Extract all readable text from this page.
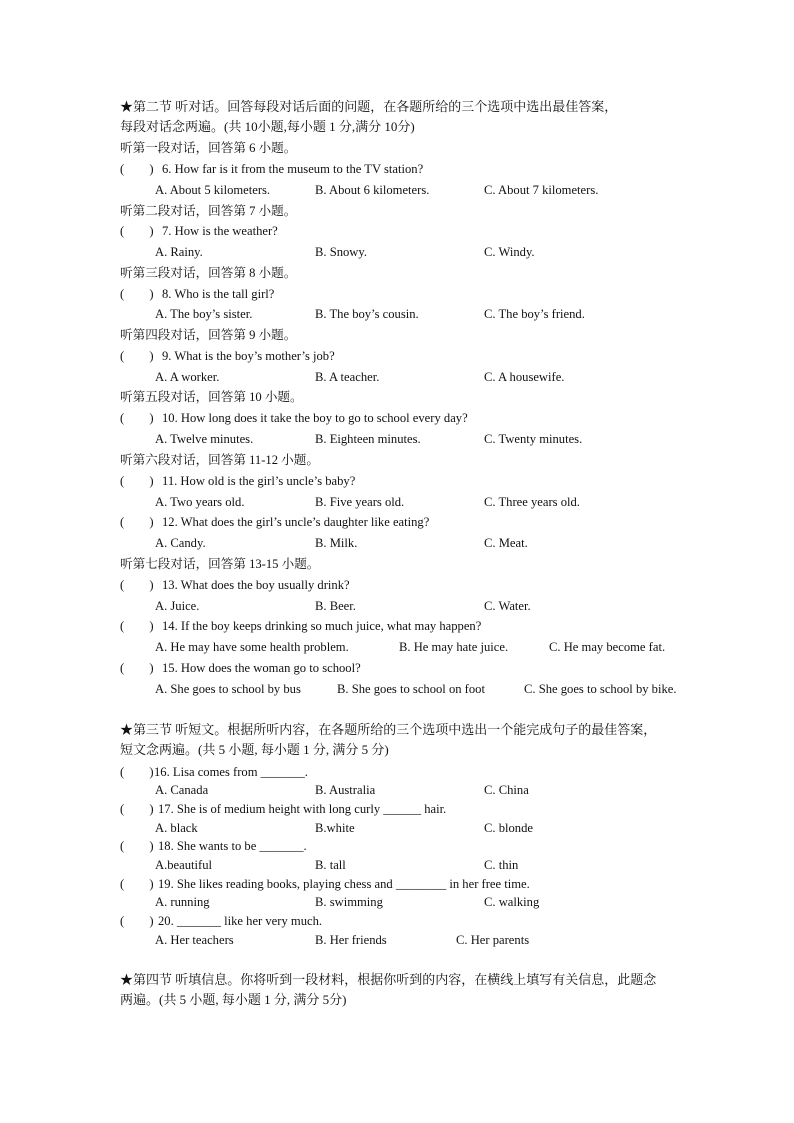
★第二节 听对话。回答每段对话后面的问题，在各题所给的三个选项中选出最佳答案，
每段对话念两遍。(共 10小题,每小题 1 分,满分 10分)
听第一段对话，回答第 6 小题。
(        ) 6. How far is it from the museum to the TV station?
A. About 5 kilometers.	B. About 6 kilometers.	C. About 7 kilometers.
听第二段对话，回答第 7 小题。
(        ) 7. How is the weather?
A. Rainy.	B. Snowy.	C. Windy.
听第三段对话，回答第 8 小题。
(        ) 8. Who is the tall girl?
A. The boy’s sister.	B. The boy’s cousin.	C. The boy’s friend.
听第四段对话，回答第 9 小题。
(        ) 9. What is the boy’s mother’s job?
A. A worker.	B. A teacher.	C. A housewife.
听第五段对话，回答第 10 小题。
(        ) 10. How long does it take the boy to go to school every day?
A. Twelve minutes.	B. Eighteen minutes.	C. Twenty minutes.
听第六段对话，回答第 11-12 小题。
(        ) 11. How old is the girl’s uncle’s baby?
A. Two years old.	B. Five years old.	C. Three years old.
(        ) 12. What does the girl’s uncle’s daughter like eating?
A. Candy.	B. Milk.	C. Meat.
听第七段对话，回答第 13-15 小题。
(        ) 13. What does the boy usually drink?
A. Juice.	B. Beer.	C. Water.
(        ) 14. If the boy keeps drinking so much juice, what may happen?
A. He may have some health problem.	B. He may hate juice.	C. He may become fat.
(        ) 15. How does the woman go to school?
A. She goes to school by bus	B. She goes to school on foot	C. She goes to school by bike.
★第三节 听短文。根据所听内容，在各题所给的三个选项中选出一个能完成句子的最佳答案，
短文念两遍。(共 5 小题, 每小题 1 分, 满分 5 分)
(        )16. Lisa comes from _______.
A. Canada	B. Australia	C. China
(        ) 17. She is of medium height with long curly ______ hair.
A. black	B.white	C. blonde
(        ) 18. She wants to be _______.
A.beautiful	B. tall	C. thin
(        ) 19. She likes reading books, playing chess and ________ in her free time.
A. running	B. swimming	C. walking
(        ) 20. _______ like her very much.
A. Her teachers	B. Her friends	C. Her parents
★第四节 听填信息。你将听到一段材料，根据你听到的内容，在横线上填写有关信息，此题念
两遍。(共 5 小题, 每小题 1 分, 满分 5分)
